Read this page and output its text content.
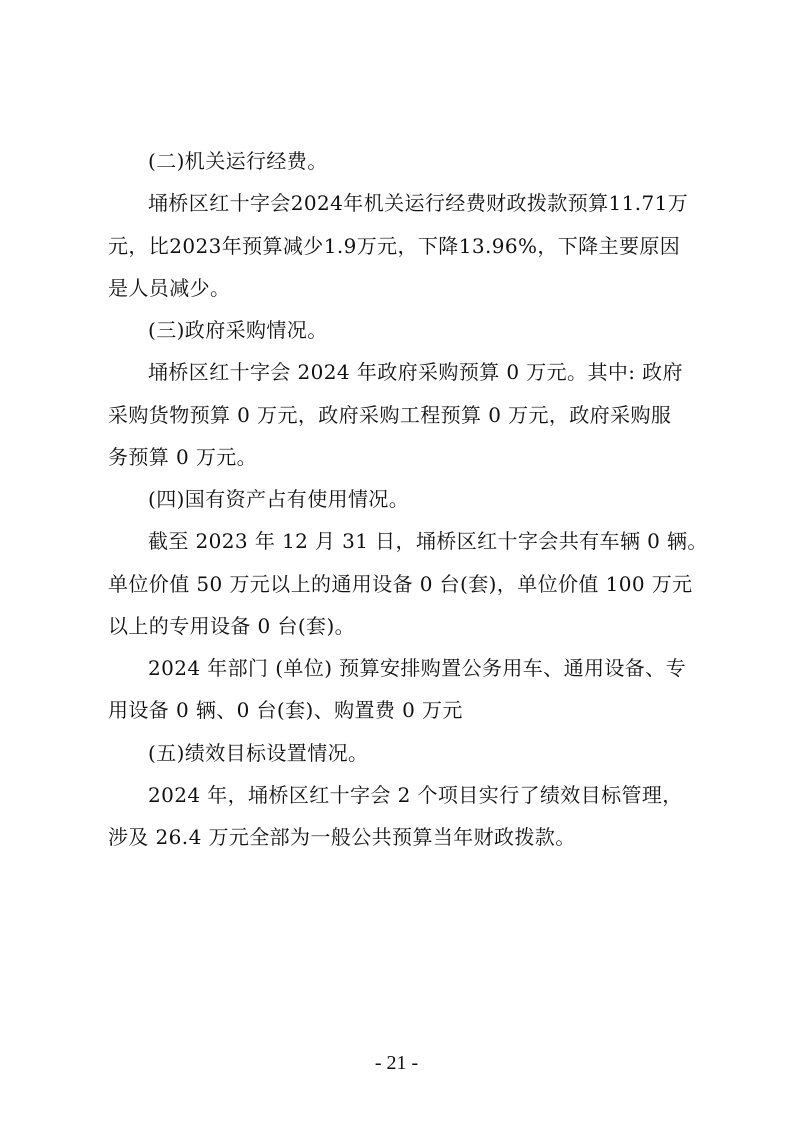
(二)机关运行经费。
埇桥区红十字会2024年机关运行经费财政拨款预算11.71万
元，比2023年预算减少1.9万元，下降13.96%，下降主要原因
是人员减少。
(三)政府采购情况。
埇桥区红十字会 2024 年政府采购预算 0 万元。其中: 政府
采购货物预算 0 万元，政府采购工程预算 0 万元，政府采购服
务预算 0 万元。
(四)国有资产占有使用情况。
截至 2023 年 12 月 31 日，埇桥区红十字会共有车辆 0 辆。
单位价值 50 万元以上的通用设备 0 台(套)，单位价值 100 万元
以上的专用设备 0 台(套)。
2024 年部门 (单位) 预算安排购置公务用车、通用设备、专
用设备 0 辆、0 台(套)、购置费 0 万元
(五)绩效目标设置情况。
2024 年，埇桥区红十字会 2 个项目实行了绩效目标管理，
涉及 26.4 万元全部为一般公共预算当年财政拨款。
- 21 -
